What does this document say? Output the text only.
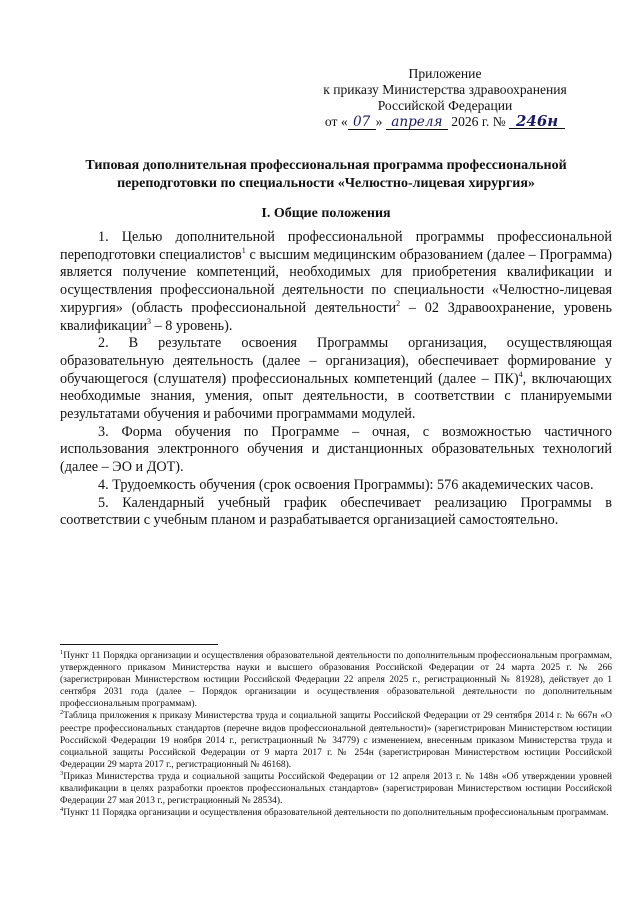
Приложение
к приказу Министерства здравоохранения
Российской Федерации
от « 07 » апреля 2026 г. № 246н
Типовая дополнительная профессиональная программа профессиональной
переподготовки по специальности «Челюстно-лицевая хирургия»
I. Общие положения

1. Целью дополнительной профессиональной программы профессиональной переподготовки специалистов$^1$ с высшим медицинским образованием (далее – Программа) является получение компетенций, необходимых для приобретения квалификации и осуществления профессиональной деятельности по специальности «Челюстно-лицевая хирургия» (область профессиональной деятельности$^2$ – 02 Здравоохранение, уровень квалификации$^3$ – 8 уровень).

2. В результате освоения Программы организация, осуществляющая образовательную деятельность (далее – организация), обеспечивает формирование у обучающегося (слушателя) профессиональных компетенций (далее – ПК)$^4$, включающих необходимые знания, умения, опыт деятельности, в соответствии с планируемыми результатами обучения и рабочими программами модулей.

3. Форма обучения по Программе – очная, с возможностью частичного использования электронного обучения и дистанционных образовательных технологий (далее – ЭО и ДОТ).

4. Трудоемкость обучения (срок освоения Программы): 576 академических часов.

5. Календарный учебный график обеспечивает реализацию Программы в соответствии с учебным планом и разрабатывается организацией самостоятельно.

$^1$Пункт 11 Порядка организации и осуществления образовательной деятельности по дополнительным профессиональным программам, утвержденного приказом Министерства науки и высшего образования Российской Федерации от 24 марта 2025 г. № 266 (зарегистрирован Министерством юстиции Российской Федерации 22 апреля 2025 г., регистрационный № 81928), действует до 1 сентября 2031 года (далее – Порядок организации и осуществления образовательной деятельности по дополнительным профессиональным программам).

$^2$Таблица приложения к приказу Министерства труда и социальной защиты Российской Федерации от 29 сентября 2014 г. № 667н «О реестре профессиональных стандартов (перечне видов профессиональной деятельности)» (зарегистрирован Министерством юстиции Российской Федерации 19 ноября 2014 г., регистрационный № 34779) с изменением, внесенным приказом Министерства труда и социальной защиты Российской Федерации от 9 марта 2017 г. № 254н (зарегистрирован Министерством юстиции Российской Федерации 29 марта 2017 г., регистрационный № 46168).

$^3$Приказ Министерства труда и социальной защиты Российской Федерации от 12 апреля 2013 г. № 148н «Об утверждении уровней квалификации в целях разработки проектов профессиональных стандартов» (зарегистрирован Министерством юстиции Российской Федерации 27 мая 2013 г., регистрационный № 28534).

$^4$Пункт 11 Порядка организации и осуществления образовательной деятельности по дополнительным профессиональным программам.
